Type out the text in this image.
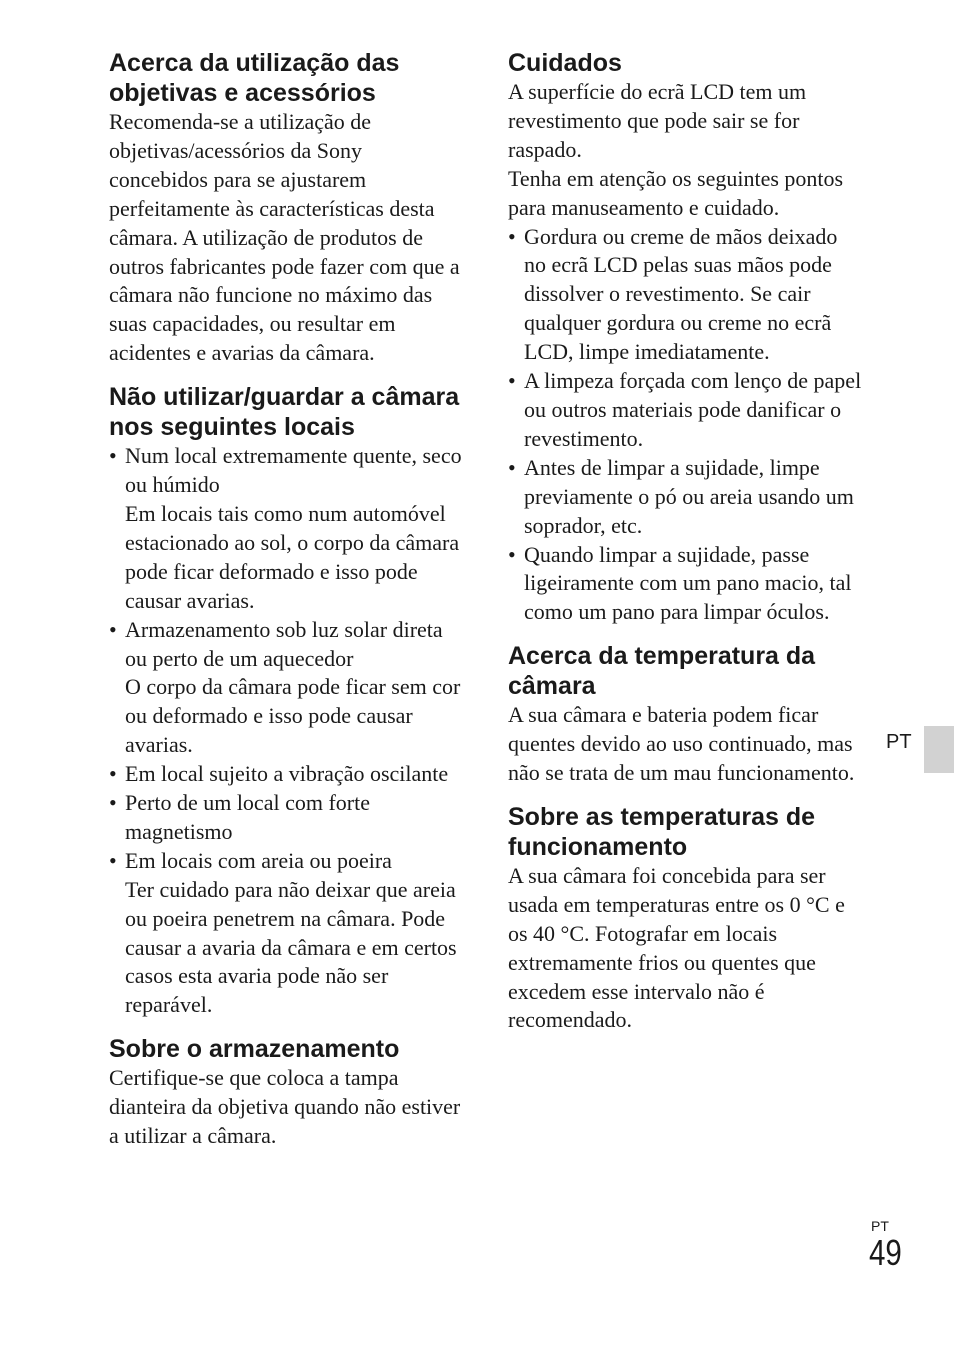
Acerca da utilização das objetivas e acessórios

Recomenda-se a utilização de objetivas/acessórios da Sony concebidos para se ajustarem perfeitamente às características desta câmara. A utilização de produtos de outros fabricantes pode fazer com que a câmara não funcione no máximo das suas capacidades, ou resultar em acidentes e avarias da câmara.

Não utilizar/guardar a câmara nos seguintes locais
• Num local extremamente quente, seco ou húmido
Em locais tais como num automóvel estacionado ao sol, o corpo da câmara pode ficar deformado e isso pode causar avarias.
• Armazenamento sob luz solar direta ou perto de um aquecedor
O corpo da câmara pode ficar sem cor ou deformado e isso pode causar avarias.
• Em local sujeito a vibração oscilante
• Perto de um local com forte magnetismo
• Em locais com areia ou poeira
Ter cuidado para não deixar que areia ou poeira penetrem na câmara. Pode causar a avaria da câmara e em certos casos esta avaria pode não ser reparável.
Sobre o armazenamento

Certifique-se que coloca a tampa dianteira da objetiva quando não estiver a utilizar a câmara.

Cuidados

A superfície do ecrã LCD tem um revestimento que pode sair se for raspado.

Tenha em atenção os seguintes pontos para manuseamento e cuidado.

• Gordura ou creme de mãos deixado no ecrã LCD pelas suas mãos pode dissolver o revestimento. Se cair qualquer gordura ou creme no ecrã LCD, limpe imediatamente.
• A limpeza forçada com lenço de papel ou outros materiais pode danificar o revestimento.
• Antes de limpar a sujidade, limpe previamente o pó ou areia usando um soprador, etc.
• Quando limpar a sujidade, passe ligeiramente com um pano macio, tal como um pano para limpar óculos.
Acerca da temperatura da câmara

A sua câmara e bateria podem ficar quentes devido ao uso continuado, mas não se trata de um mau funcionamento.

Sobre as temperaturas de funcionamento

A sua câmara foi concebida para ser usada em temperaturas entre os 0 °C e os 40 °C. Fotografar em locais extremamente frios ou quentes que excedem esse intervalo não é recomendado.

PT
PT
49
